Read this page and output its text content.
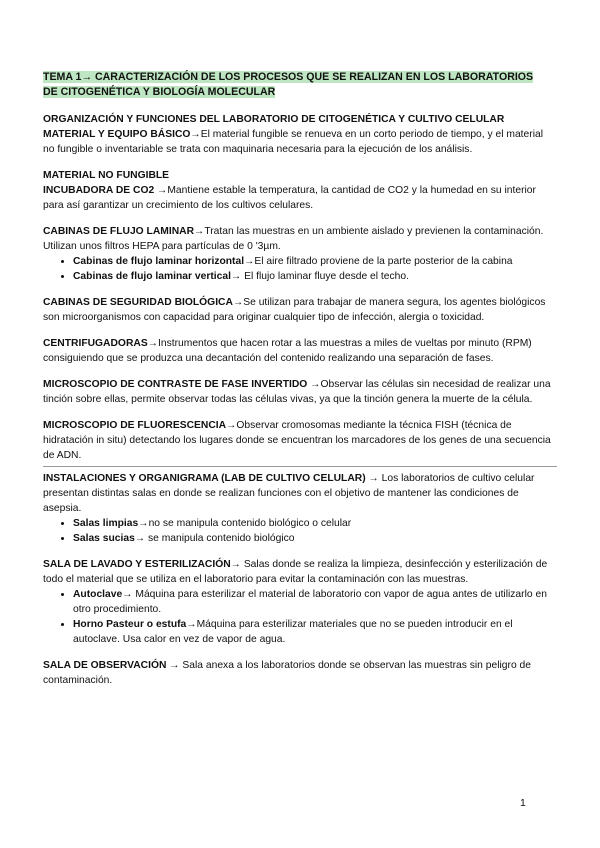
TEMA 1→ CARACTERIZACIÓN DE LOS PROCESOS QUE SE REALIZAN EN LOS LABORATORIOS
DE CITOGENÉTICA Y BIOLOGÍA MOLECULAR

ORGANIZACIÓN Y FUNCIONES DEL LABORATORIO DE CITOGENÉTICA Y CULTIVO CELULAR

MATERIAL Y EQUIPO BÁSICO→El material fungible se renueva en un corto periodo de tiempo, y el material no fungible o inventariable se trata con maquinaria necesaria para la ejecución de los análisis.

MATERIAL NO FUNGIBLE

INCUBADORA DE CO2 →Mantiene estable la temperatura, la cantidad de CO2 y la humedad en su interior para así garantizar un crecimiento de los cultivos celulares.

CABINAS DE FLUJO LAMINAR→Tratan las muestras en un ambiente aislado y previenen la contaminación. Utilizan unos filtros HEPA para partículas de 0 '3µm.

• Cabinas de flujo laminar horizontal→El aire filtrado proviene de la parte posterior de la cabina
• Cabinas de flujo laminar vertical→ El flujo laminar fluye desde el techo.

CABINAS DE SEGURIDAD BIOLÓGICA→Se utilizan para trabajar de manera segura, los agentes biológicos son microorganismos con capacidad para originar cualquier tipo de infección, alergia o toxicidad.

CENTRIFUGADORAS→Instrumentos que hacen rotar a las muestras a miles de vueltas por minuto (RPM) consiguiendo que se produzca una decantación del contenido realizando una separación de fases.

MICROSCOPIO DE CONTRASTE DE FASE INVERTIDO →Observar las células sin necesidad de realizar una tinción sobre ellas, permite observar todas las células vivas, ya que la tinción genera la muerte de la célula.

MICROSCOPIO DE FLUORESCENCIA→Observar cromosomas mediante la técnica FISH (técnica de hidratación in situ) detectando los lugares donde se encuentran los marcadores de los genes de una secuencia de ADN.

INSTALACIONES Y ORGANIGRAMA (LAB DE CULTIVO CELULAR) → Los laboratorios de cultivo celular presentan distintas salas en donde se realizan funciones con el objetivo de mantener las condiciones de asepsia.

• Salas limpias→no se manipula contenido biológico o celular
• Salas sucias→ se manipula contenido biológico

SALA DE LAVADO Y ESTERILIZACIÓN→ Salas donde se realiza la limpieza, desinfección y esterilización de todo el material que se utiliza en el laboratorio para evitar la contaminación con las muestras.

• Autoclave→ Máquina para esterilizar el material de laboratorio con vapor de agua antes de utilizarlo en otro procedimiento.
• Horno Pasteur o estufa→Máquina para esterilizar materiales que no se pueden introducir en el autoclave. Usa calor en vez de vapor de agua.

SALA DE OBSERVACIÓN → Sala anexa a los laboratorios donde se observan las muestras sin peligro de contaminación.

1
